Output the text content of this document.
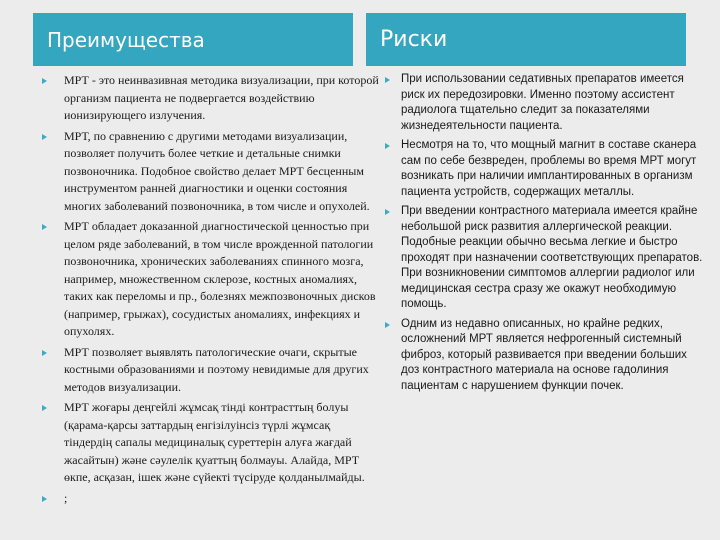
Преимущества	Риски
МРТ - это неинвазивная методика визуализации, при которой организм пациента не подвергается воздействию ионизирующего излучения.
МРТ, по сравнению с другими методами визуализации, позволяет получить более четкие и детальные снимки позвоночника. Подобное свойство делает МРТ бесценным инструментом ранней диагностики и оценки состояния многих заболеваний позвоночника, в том числе и опухолей.
МРТ обладает доказанной диагностической ценностью при целом ряде заболеваний, в том числе врожденной патологии позвоночника, хронических заболеваниях спинного мозга, например, множественном склерозе, костных аномалиях, таких как переломы и пр., болезнях межпозвоночных дисков (например, грыжах), сосудистых аномалиях, инфекциях и опухолях.
МРТ позволяет выявлять патологические очаги, скрытые костными образованиями и поэтому невидимые для других методов визуализации.
МРТ жоғары деңгейлі жұмсақ тінді контрасттың болуы (қарама-қарсы заттардың енгізілуінсіз түрлі жұмсақ тіндердің сапалы медициналық суреттерін алуға жағдай жасайтын) және сәулелік қуаттың болмауы. Алайда, МРТ өкпе, асқазан, ішек және сүйекті түсіруде қолданылмайды.
;
При использовании седативных препаратов имеется риск их передозировки. Именно поэтому ассистент радиолога тщательно следит за показателями жизнедеятельности пациента.
Несмотря на то, что мощный магнит в составе сканера сам по себе безвреден, проблемы во время МРТ могут возникать при наличии имплантированных в организм пациента устройств, содержащих металлы.
При введении контрастного материала имеется крайне небольшой риск развития аллергической реакции. Подобные реакции обычно весьма легкие и быстро проходят при назначении соответствующих препаратов. При возникновении симптомов аллергии радиолог или медицинская сестра сразу же окажут необходимую помощь.
Одним из недавно описанных, но крайне редких, осложнений МРТ является нефрогенный системный фиброз, который развивается при введении больших доз контрастного материала на основе гадолиния пациентам с нарушением функции почек.
